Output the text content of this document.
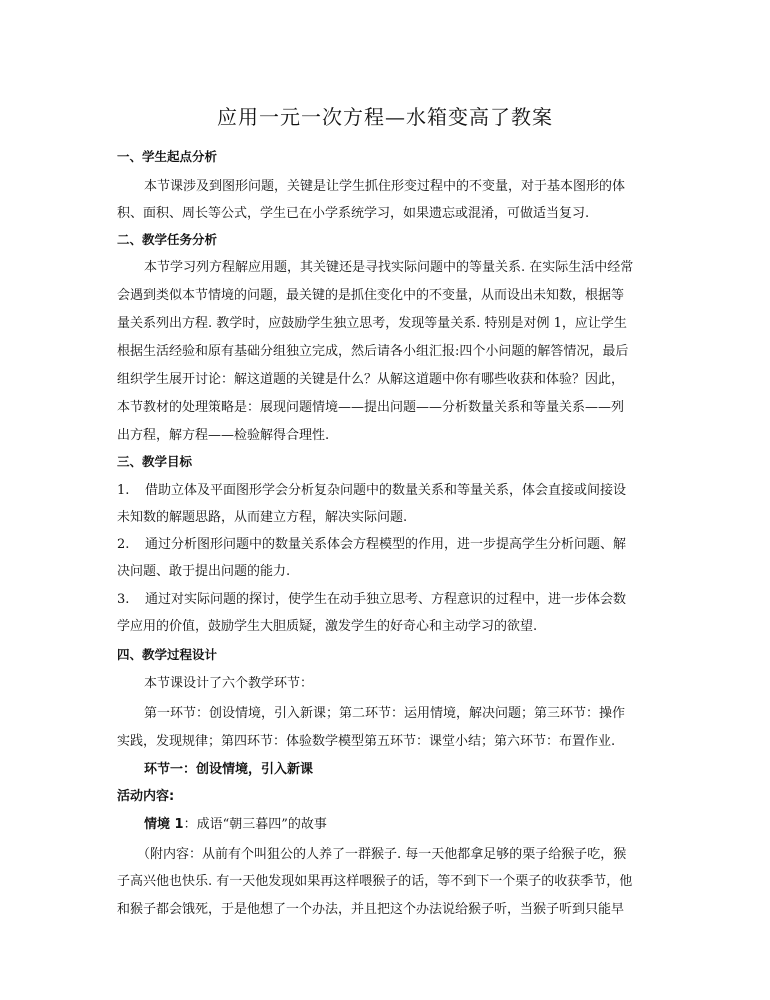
应用一元一次方程—水箱变高了教案
一、学生起点分析
本节课涉及到图形问题，关键是让学生抓住形变过程中的不变量，对于基本图形的体
积、面积、周长等公式，学生已在小学系统学习，如果遗忘或混淆，可做适当复习.
二、教学任务分析
本节学习列方程解应用题，其关键还是寻找实际问题中的等量关系. 在实际生活中经常
会遇到类似本节情境的问题，最关键的是抓住变化中的不变量，从而设出未知数，根据等
量关系列出方程. 教学时，应鼓励学生独立思考，发现等量关系. 特别是对例 1，应让学生
根据生活经验和原有基础分组独立完成，然后请各小组汇报:四个小问题的解答情况，最后
组织学生展开讨论：解这道题的关键是什么？从解这道题中你有哪些收获和体验？因此，
本节教材的处理策略是：展现问题情境——提出问题——分析数量关系和等量关系——列
出方程，解方程——检验解得合理性.
三、教学目标
1. 借助立体及平面图形学会分析复杂问题中的数量关系和等量关系，体会直接或间接设
未知数的解题思路，从而建立方程，解决实际问题.
2. 通过分析图形问题中的数量关系体会方程模型的作用，进一步提高学生分析问题、解
决问题、敢于提出问题的能力.
3. 通过对实际问题的探讨，使学生在动手独立思考、方程意识的过程中，进一步体会数
学应用的价值，鼓励学生大胆质疑，激发学生的好奇心和主动学习的欲望.
四、教学过程设计
本节课设计了六个教学环节：
第一环节：创设情境，引入新课；第二环节：运用情境，解决问题；第三环节：操作
实践，发现规律；第四环节：体验数学模型第五环节：课堂小结；第六环节：布置作业.
环节一：创设情境，引入新课
活动内容:
情境 1：成语“朝三暮四”的故事
（附内容：从前有个叫狙公的人养了一群猴子. 每一天他都拿足够的栗子给猴子吃，猴
子高兴他也快乐. 有一天他发现如果再这样喂猴子的话，等不到下一个栗子的收获季节，他
和猴子都会饿死，于是他想了一个办法，并且把这个办法说给猴子听，当猴子听到只能早
